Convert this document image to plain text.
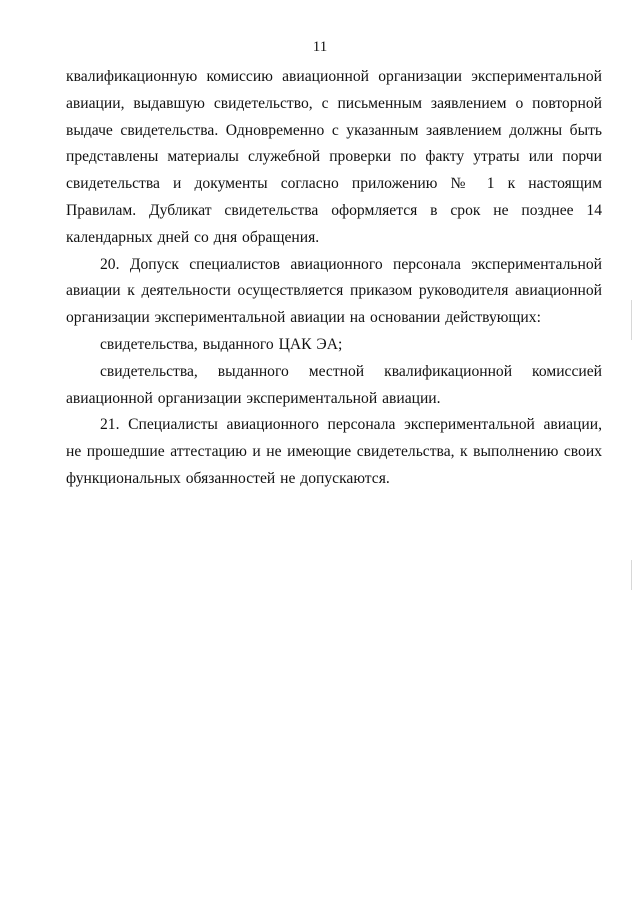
11

квалификационную комиссию авиационной организации экспериментальной авиации, выдавшую свидетельство, с письменным заявлением о повторной выдаче свидетельства. Одновременно с указанным заявлением должны быть представлены материалы служебной проверки по факту утраты или порчи свидетельства и документы согласно приложению № 1 к настоящим Правилам. Дубликат свидетельства оформляется в срок не позднее 14 календарных дней со дня обращения.

20. Допуск специалистов авиационного персонала экспериментальной авиации к деятельности осуществляется приказом руководителя авиационной организации экспериментальной авиации на основании действующих:

свидетельства, выданного ЦАК ЭА;

свидетельства, выданного местной квалификационной комиссией авиационной организации экспериментальной авиации.

21. Специалисты авиационного персонала экспериментальной авиации, не прошедшие аттестацию и не имеющие свидетельства, к выполнению своих функциональных обязанностей не допускаются.
